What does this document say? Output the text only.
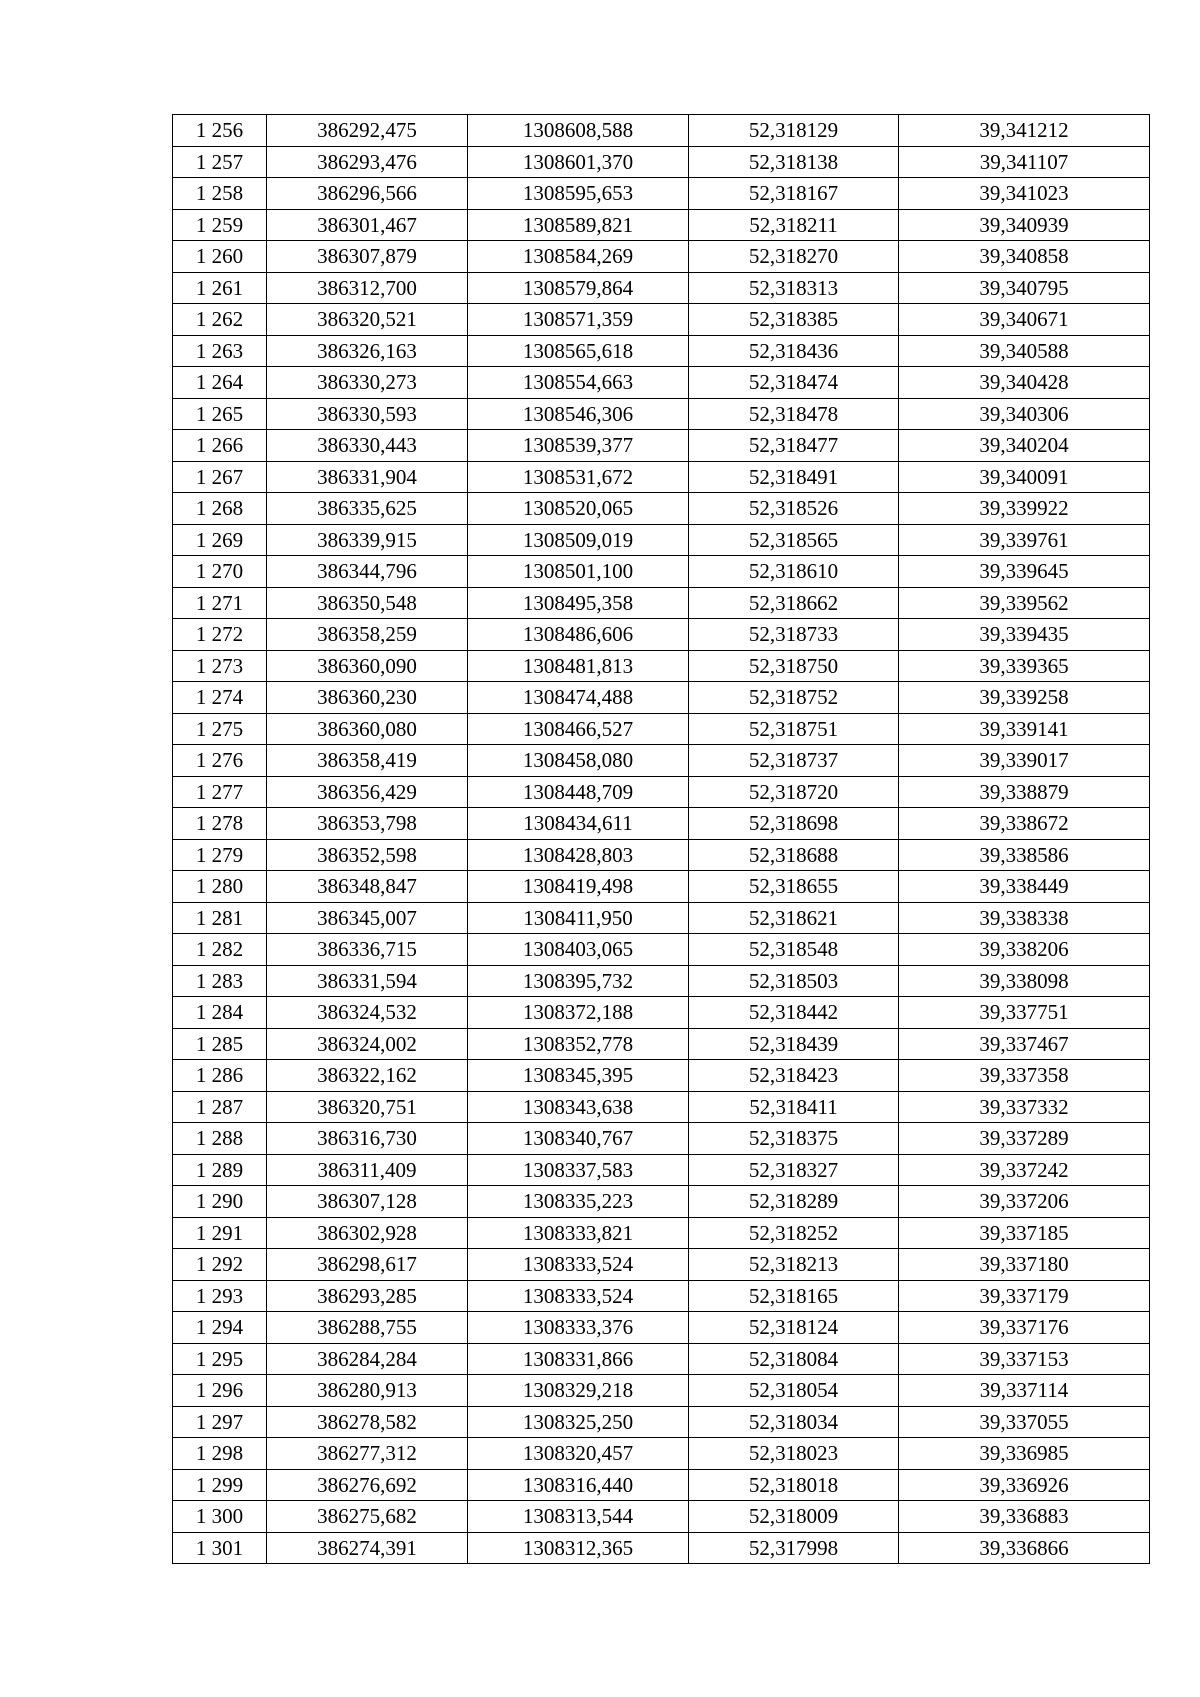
1 256	386292,475	1308608,588	52,318129	39,341212
1 257	386293,476	1308601,370	52,318138	39,341107
1 258	386296,566	1308595,653	52,318167	39,341023
1 259	386301,467	1308589,821	52,318211	39,340939
1 260	386307,879	1308584,269	52,318270	39,340858
1 261	386312,700	1308579,864	52,318313	39,340795
1 262	386320,521	1308571,359	52,318385	39,340671
1 263	386326,163	1308565,618	52,318436	39,340588
1 264	386330,273	1308554,663	52,318474	39,340428
1 265	386330,593	1308546,306	52,318478	39,340306
1 266	386330,443	1308539,377	52,318477	39,340204
1 267	386331,904	1308531,672	52,318491	39,340091
1 268	386335,625	1308520,065	52,318526	39,339922
1 269	386339,915	1308509,019	52,318565	39,339761
1 270	386344,796	1308501,100	52,318610	39,339645
1 271	386350,548	1308495,358	52,318662	39,339562
1 272	386358,259	1308486,606	52,318733	39,339435
1 273	386360,090	1308481,813	52,318750	39,339365
1 274	386360,230	1308474,488	52,318752	39,339258
1 275	386360,080	1308466,527	52,318751	39,339141
1 276	386358,419	1308458,080	52,318737	39,339017
1 277	386356,429	1308448,709	52,318720	39,338879
1 278	386353,798	1308434,611	52,318698	39,338672
1 279	386352,598	1308428,803	52,318688	39,338586
1 280	386348,847	1308419,498	52,318655	39,338449
1 281	386345,007	1308411,950	52,318621	39,338338
1 282	386336,715	1308403,065	52,318548	39,338206
1 283	386331,594	1308395,732	52,318503	39,338098
1 284	386324,532	1308372,188	52,318442	39,337751
1 285	386324,002	1308352,778	52,318439	39,337467
1 286	386322,162	1308345,395	52,318423	39,337358
1 287	386320,751	1308343,638	52,318411	39,337332
1 288	386316,730	1308340,767	52,318375	39,337289
1 289	386311,409	1308337,583	52,318327	39,337242
1 290	386307,128	1308335,223	52,318289	39,337206
1 291	386302,928	1308333,821	52,318252	39,337185
1 292	386298,617	1308333,524	52,318213	39,337180
1 293	386293,285	1308333,524	52,318165	39,337179
1 294	386288,755	1308333,376	52,318124	39,337176
1 295	386284,284	1308331,866	52,318084	39,337153
1 296	386280,913	1308329,218	52,318054	39,337114
1 297	386278,582	1308325,250	52,318034	39,337055
1 298	386277,312	1308320,457	52,318023	39,336985
1 299	386276,692	1308316,440	52,318018	39,336926
1 300	386275,682	1308313,544	52,318009	39,336883
1 301	386274,391	1308312,365	52,317998	39,336866
